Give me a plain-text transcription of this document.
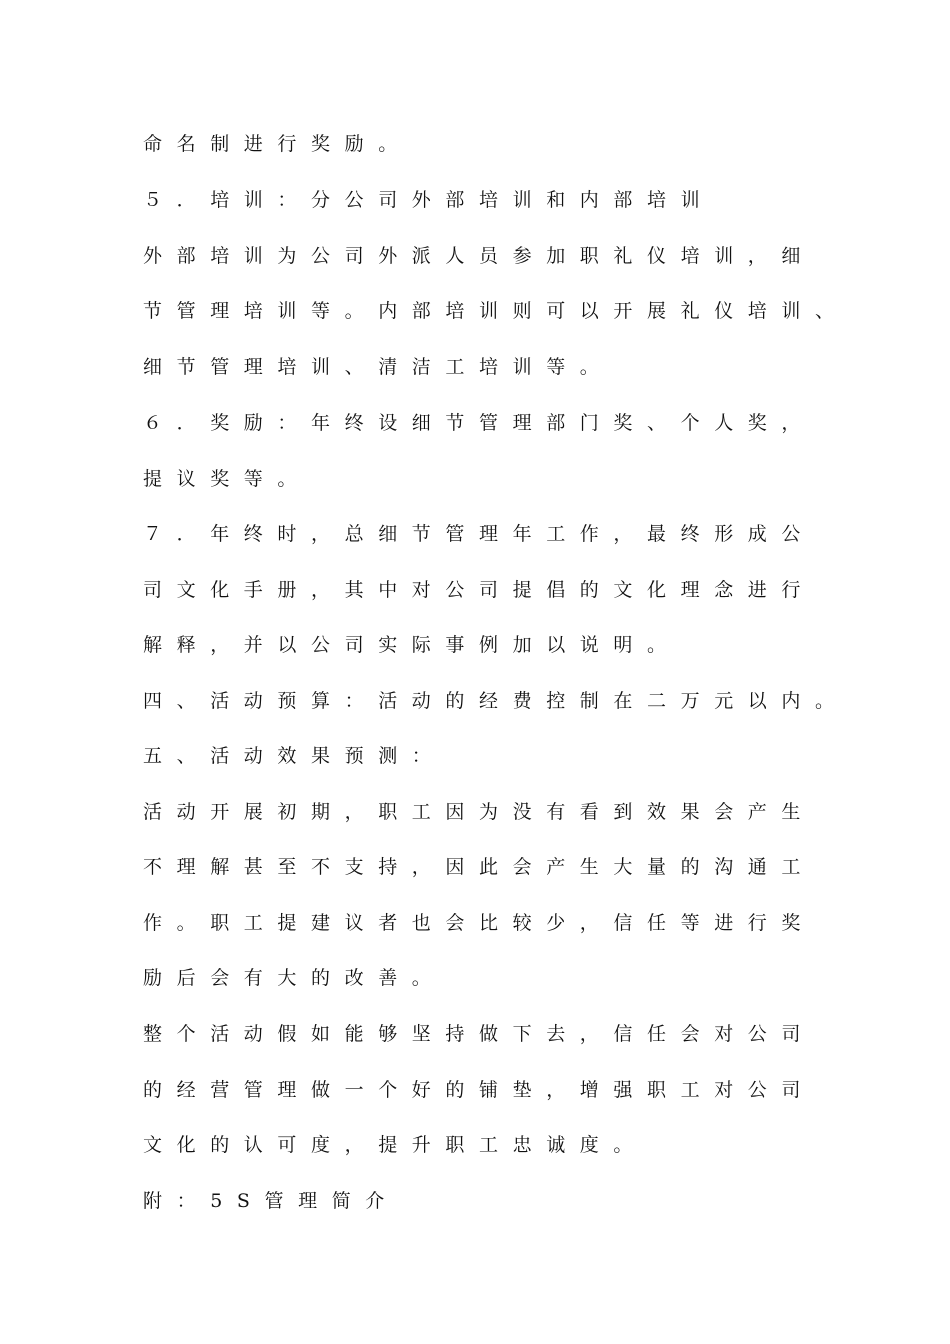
命名制进行奖励。
５．培训：分公司外部培训和内部培训
外部培训为公司外派人员参加职礼仪培训，细
节管理培训等。内部培训则可以开展礼仪培训、
细节管理培训、清洁工培训等。
６．奖励：年终设细节管理部门奖、个人奖，
提议奖等。
７．年终时，总细节管理年工作，最终形成公
司文化手册，其中对公司提倡的文化理念进行
解释，并以公司实际事例加以说明。
四、活动预算：活动的经费控制在二万元以内。
五、活动效果预测：
活动开展初期，职工因为没有看到效果会产生
不理解甚至不支持，因此会产生大量的沟通工
作。职工提建议者也会比较少，信任等进行奖
励后会有大的改善。
整个活动假如能够坚持做下去，信任会对公司
的经营管理做一个好的铺垫，增强职工对公司
文化的认可度，提升职工忠诚度。
附：5S管理简介
